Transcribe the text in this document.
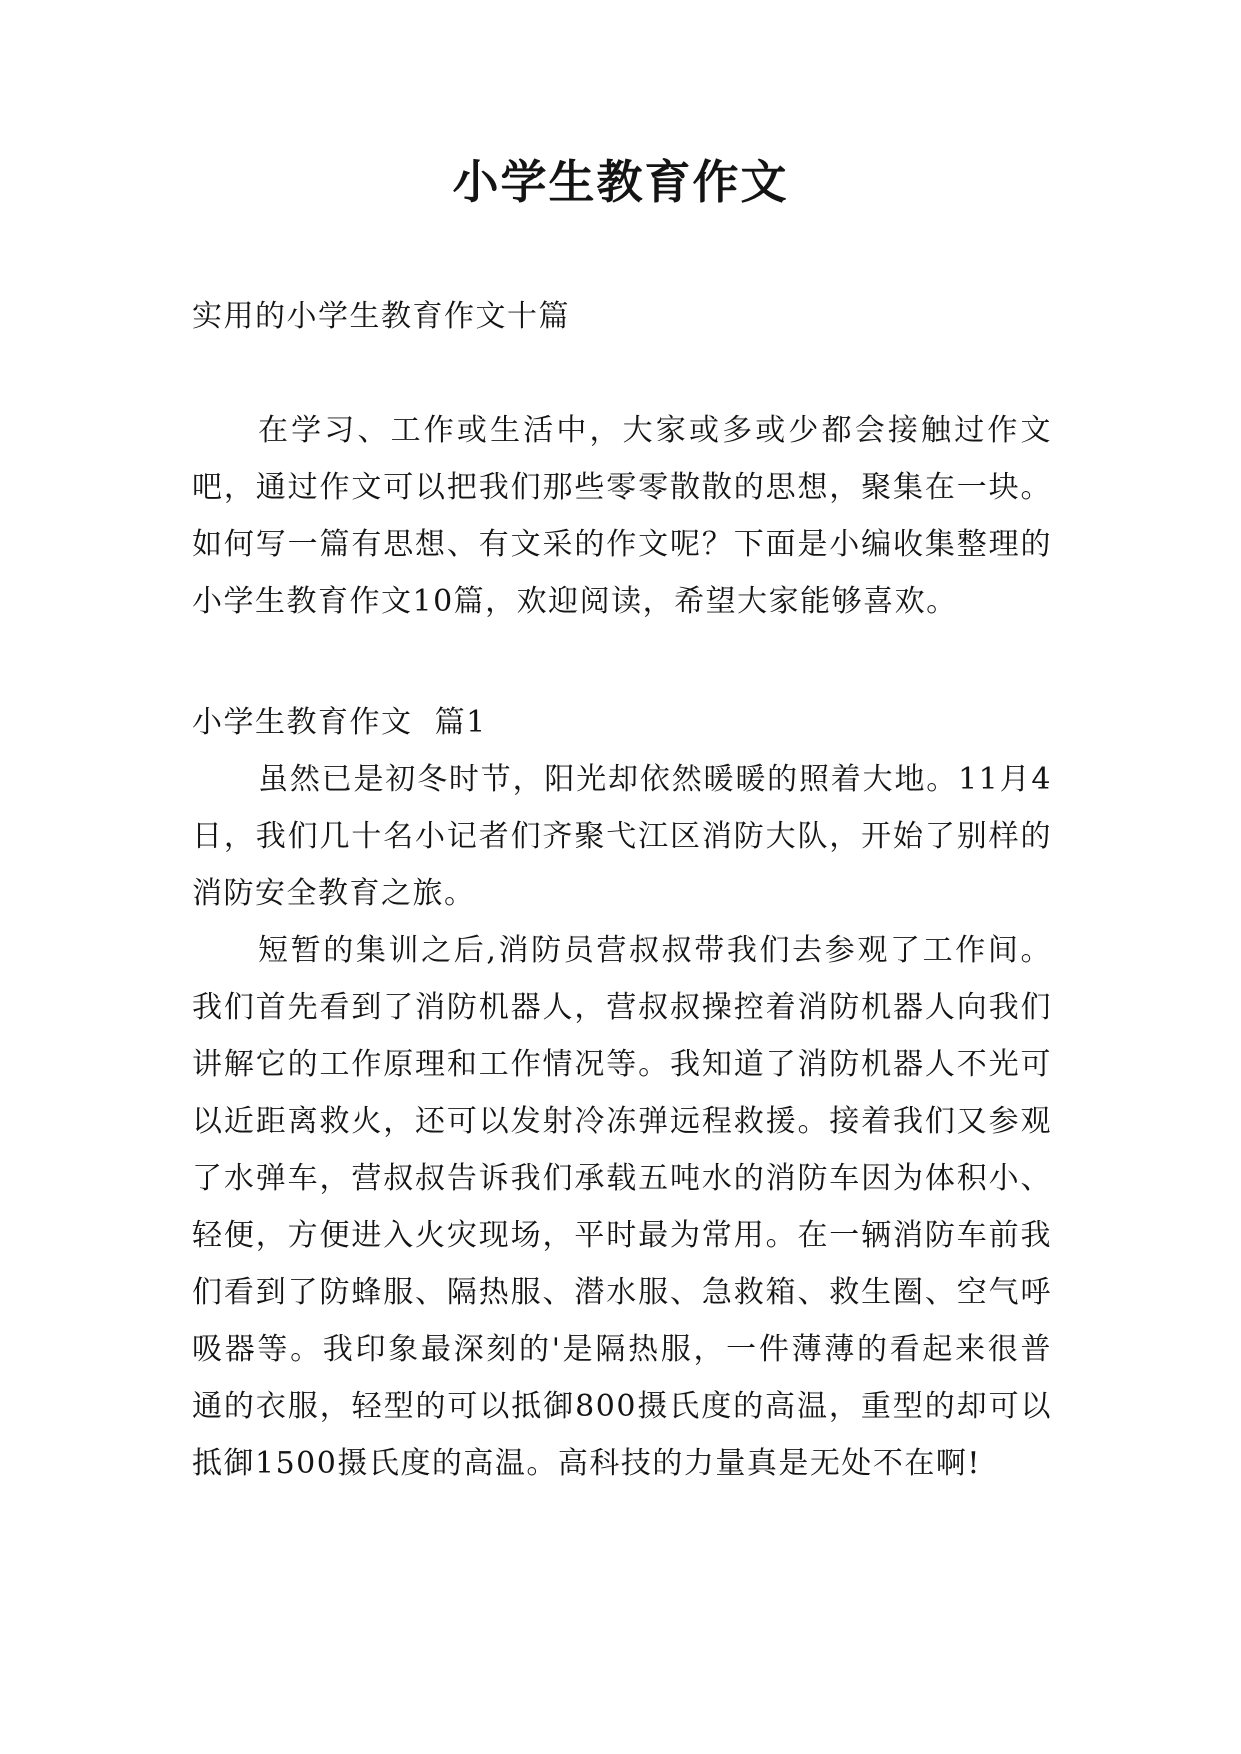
小学生教育作文

实用的小学生教育作文十篇

在学习、工作或生活中，大家或多或少都会接触过作文吧，通过作文可以把我们那些零零散散的思想，聚集在一块。如何写一篇有思想、有文采的作文呢？下面是小编收集整理的小学生教育作文10篇，欢迎阅读，希望大家能够喜欢。

小学生教育作文  篇1

虽然已是初冬时节，阳光却依然暖暖的照着大地。11月4日，我们几十名小记者们齐聚弋江区消防大队，开始了别样的消防安全教育之旅。

短暂的集训之后,消防员营叔叔带我们去参观了工作间。我们首先看到了消防机器人，营叔叔操控着消防机器人向我们讲解它的工作原理和工作情况等。我知道了消防机器人不光可以近距离救火，还可以发射冷冻弹远程救援。接着我们又参观了水弹车，营叔叔告诉我们承载五吨水的消防车因为体积小、轻便，方便进入火灾现场，平时最为常用。在一辆消防车前我们看到了防蜂服、隔热服、潜水服、急救箱、救生圈、空气呼吸器等。我印象最深刻的'是隔热服，一件薄薄的看起来很普通的衣服，轻型的可以抵御800摄氏度的高温，重型的却可以抵御1500摄氏度的高温。高科技的力量真是无处不在啊!
